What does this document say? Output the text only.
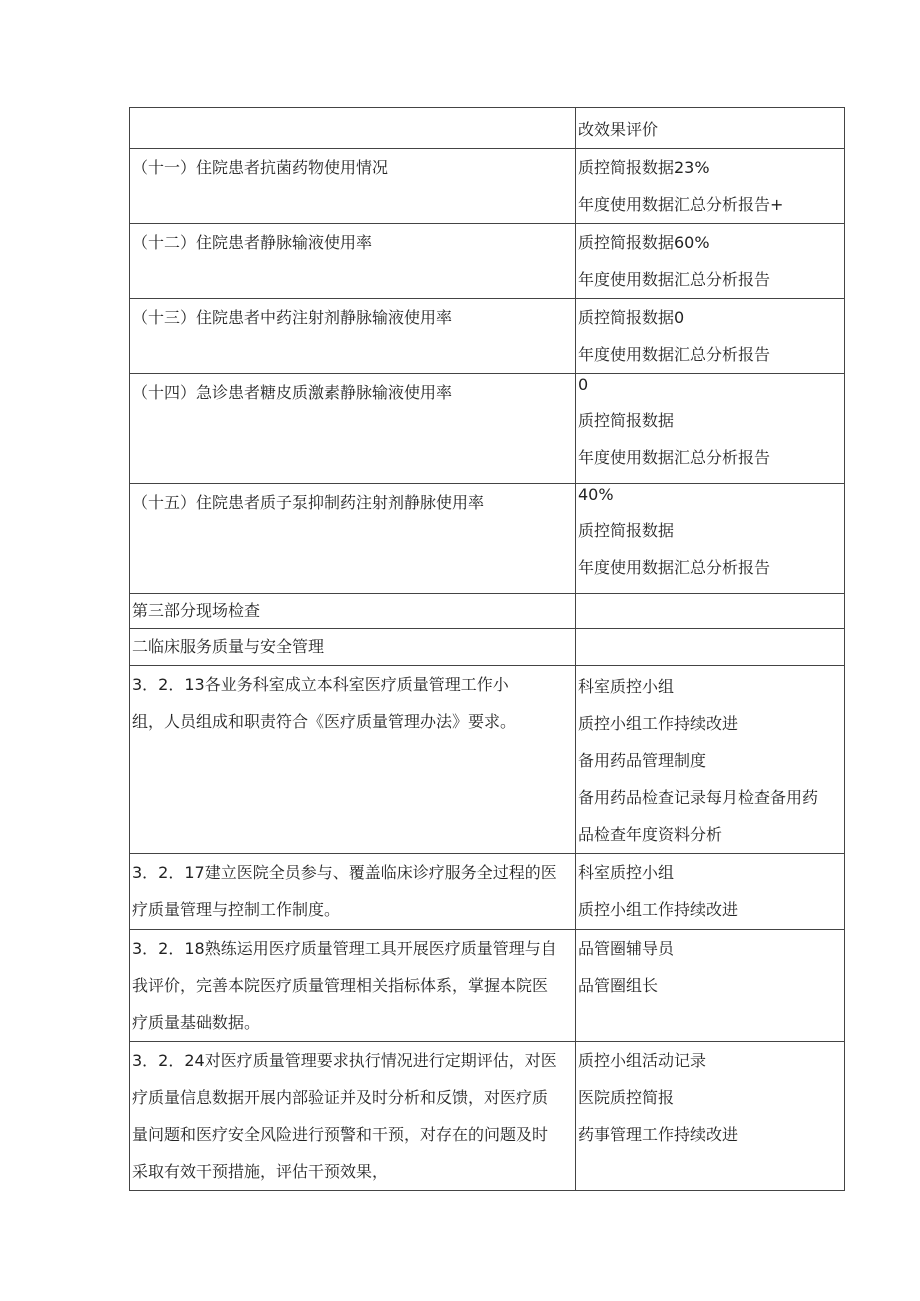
	改效果评价

（十一）住院患者抗菌药物使用情况	质控简报数据23%
年度使用数据汇总分析报告+

（十二）住院患者静脉输液使用率	质控简报数据60%
年度使用数据汇总分析报告

（十三）住院患者中药注射剂静脉输液使用率	质控简报数据0
年度使用数据汇总分析报告

（十四）急诊患者糖皮质激素静脉输液使用率	0
质控简报数据
年度使用数据汇总分析报告

（十五）住院患者质子泵抑制药注射剂静脉使用率	40%
质控简报数据
年度使用数据汇总分析报告

第三部分现场检查	

二临床服务质量与安全管理	

3．2．13各业务科室成立本科室医疗质量管理工作小
组，人员组成和职责符合《医疗质量管理办法》要求。	科室质控小组
质控小组工作持续改进
备用药品管理制度
备用药品检查记录每月检查备用药
品检查年度资料分析

3．2．17建立医院全员参与、覆盖临床诊疗服务全过程的医
疗质量管理与控制工作制度。	科室质控小组
质控小组工作持续改进

3．2．18熟练运用医疗质量管理工具开展医疗质量管理与自
我评价，完善本院医疗质量管理相关指标体系，掌握本院医
疗质量基础数据。	品管圈辅导员
品管圈组长

3．2．24对医疗质量管理要求执行情况进行定期评估，对医
疗质量信息数据开展内部验证并及时分析和反馈，对医疗质
量问题和医疗安全风险进行预警和干预，对存在的问题及时
采取有效干预措施，评估干预效果，	质控小组活动记录
医院质控简报
药事管理工作持续改进
